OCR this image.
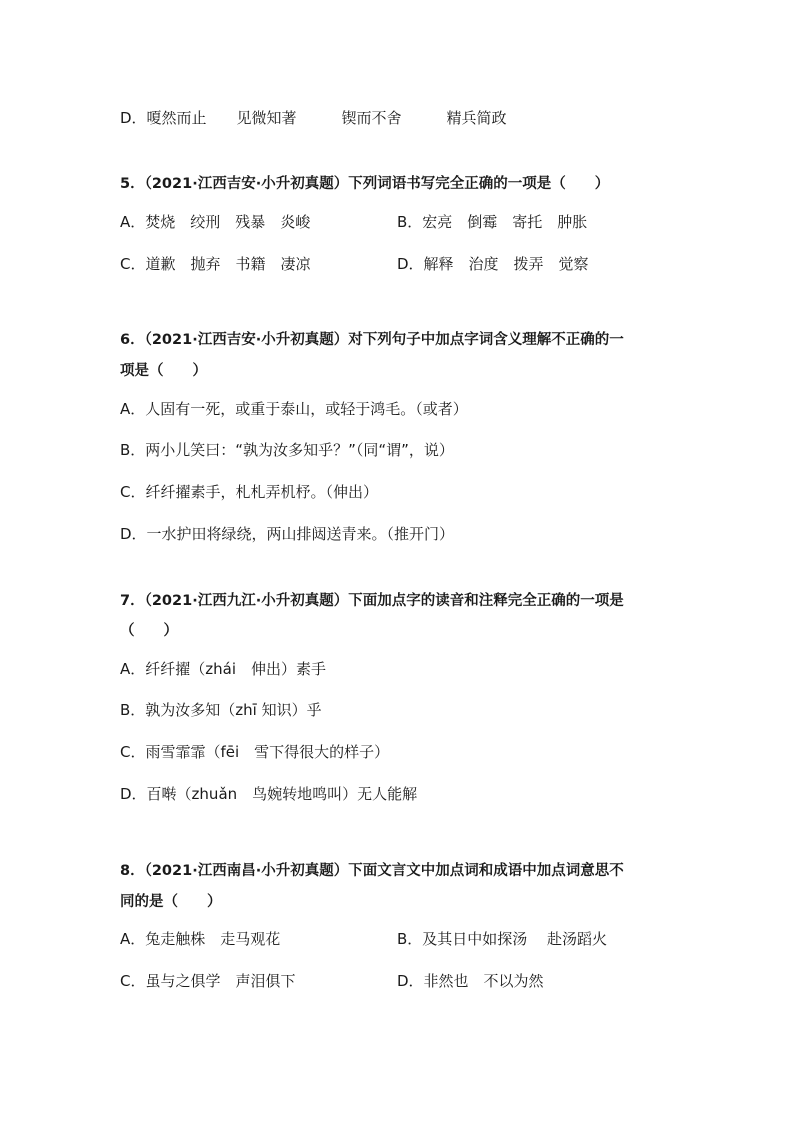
D．嗄然而止　　见微知著　　　锲而不舍　　　精兵简政
5．（2021·江西吉安·小升初真题）下列词语书写完全正确的一项是（　　）
A．焚烧　绞刑　残暴　炎峻	B．宏亮　倒霉　寄托　肿胀
C．道歉　抛弃　书籍　凄凉	D．解释　治度　拨弄　觉察
6．（2021·江西吉安·小升初真题）对下列句子中加点字词含义理解不正确的一
项是（　　）
A．人固有一死，或重于泰山，或轻于鸿毛。（或者）
B．两小儿笑曰：“孰为汝多知乎？”（同“谓”，说）
C．纤纤擢素手，札札弄机杼。（伸出）
D．一水护田将绿绕，两山排闼送青来。（推开门）
7．（2021·江西九江·小升初真题）下面加点字的读音和注释完全正确的一项是
（　　）
A．纤纤擢（zhái　伸出）素手
B．孰为汝多知（zhī 知识）乎
C．雨雪霏霏（fēi　雪下得很大的样子）
D．百啭（zhuǎn　鸟婉转地鸣叫）无人能解
8．（2021·江西南昌·小升初真题）下面文言文中加点词和成语中加点词意思不
同的是（　　）
A．兔走触株　走马观花	B．及其日中如探汤　 赴汤蹈火
C．虽与之俱学　声泪俱下	D．非然也　不以为然
